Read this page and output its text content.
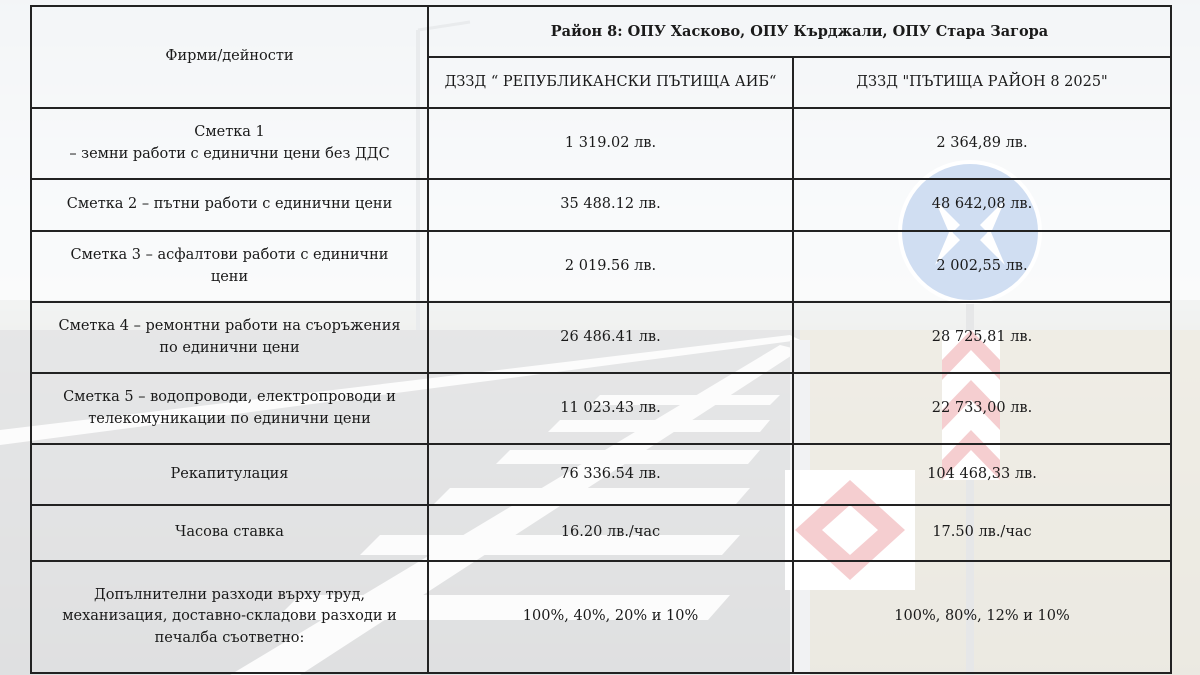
Фирми/дейности	Район 8: ОПУ Хасково, ОПУ Кърджали, ОПУ Стара Загора	
	ДЗЗД “ РЕПУБЛИКАНСКИ ПЪТИЩА АИБ“	ДЗЗД "ПЪТИЩА РАЙОН 8 2025"
Сметка 1
– земни работи с единични цени без ДДС	1 319.02 лв.	2 364,89 лв.
Сметка 2 – пътни работи с единични цени	35 488.12 лв.	48 642,08 лв.
Сметка 3 – асфалтови работи с единични
цени	2 019.56 лв.	2 002,55 лв.
Сметка 4 – ремонтни работи на съоръжения
по единични цени	26 486.41 лв.	28 725,81 лв.
Сметка 5 – водопроводи, електропроводи и
телекомуникации по единични цени	11 023.43 лв.	22 733,00 лв.
Рекапитулация	76 336.54 лв.	104 468,33 лв.
Часова ставка	16.20 лв./час	17.50 лв./час
Допълнителни разходи върху труд,
механизация, доставно-складови разходи и
печалба съответно:	100%, 40%, 20% и 10%	100%, 80%, 12% и 10%
